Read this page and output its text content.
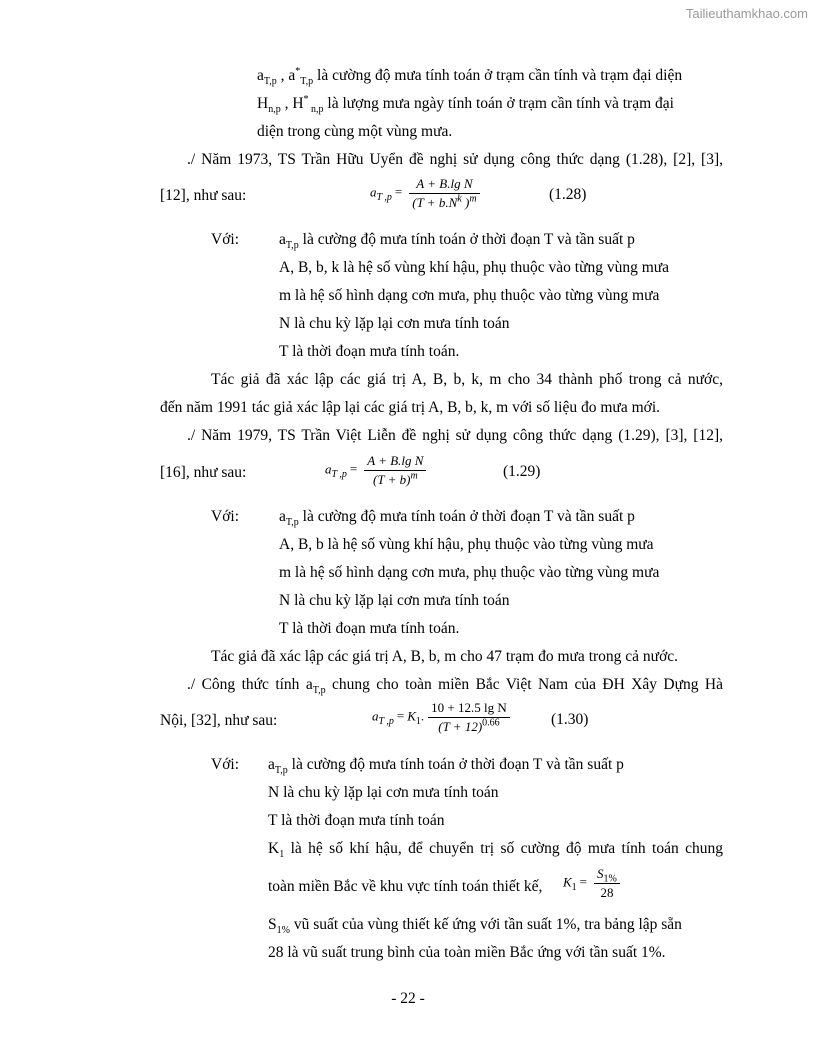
Tailieuthamkhao.com
$a_{T,p}$ , $a^*_{T,p}$ là cường độ mưa tính toán ở trạm cần tính và trạm đại diện
$H_{n,p}$ , H* $_{n,p}$ là lượng mưa ngày tính toán ở trạm cần tính và trạm đại
diện trong cùng một vùng mưa.
./ Năm 1973, TS Trần Hữu Uyển đề nghị sử dụng công thức dạng (1.28), [2], [3],
[12], như sau:	$a_{T ,p} = \frac{\text{A + B.lg N}}{(T + b.N^k )^m}$	(1.28)
Với:	$a_{T,p}$ là cường độ mưa tính toán ở thời đoạn T và tần suất p
A, B, b, k là hệ số vùng khí hậu, phụ thuộc vào từng vùng mưa
m là hệ số hình dạng cơn mưa, phụ thuộc vào từng vùng mưa
N là chu kỳ lặp lại cơn mưa tính toán
T là thời đoạn mưa tính toán.
Tác giả đã xác lập các giá trị A, B, b, k, m cho 34 thành phố trong cả nước,
đến năm 1991 tác giả xác lập lại các giá trị A, B, b, k, m với số liệu đo mưa mới.
./ Năm 1979, TS Trần Việt Liễn đề nghị sử dụng công thức dạng (1.29), [3], [12],
[16], như sau:	$a_{T ,p} = \frac{\text{A + B.lg N}}{(T + b)^m}$	(1.29)
Với:	$a_{T,p}$ là cường độ mưa tính toán ở thời đoạn T và tần suất p
A, B, b là hệ số vùng khí hậu, phụ thuộc vào từng vùng mưa
m là hệ số hình dạng cơn mưa, phụ thuộc vào từng vùng mưa
N là chu kỳ lặp lại cơn mưa tính toán
T là thời đoạn mưa tính toán.
Tác giả đã xác lập các giá trị A, B, b, m cho 47 trạm đo mưa trong cả nước.
./ Công thức tính $a_{T,p}$ chung cho toàn miền Bắc Việt Nam của ĐH Xây Dựng Hà
Nội, [32], như sau:	$a_{T ,p} = K_1$. $\frac{\text{10 + 12.5 lg N}}{(T + 12)^{0.66}}$	(1.30)
Với: $a_{T,p}$ là cường độ mưa tính toán ở thời đoạn T và tần suất p
N là chu kỳ lặp lại cơn mưa tính toán
T là thời đoạn mưa tính toán
$K_1$ là hệ số khí hậu, để chuyển trị số cường độ mưa tính toán chung
toàn miền Bắc về khu vực tính toán thiết kế, $K_1 = \frac{S_{1\%}}{28}$
$S_{1\%}$ vũ suất của vùng thiết kế ứng với tần suất 1%, tra bảng lập sẵn
28 là vũ suất trung bình của toàn miền Bắc ứng với tần suất 1%.
- 22 -
